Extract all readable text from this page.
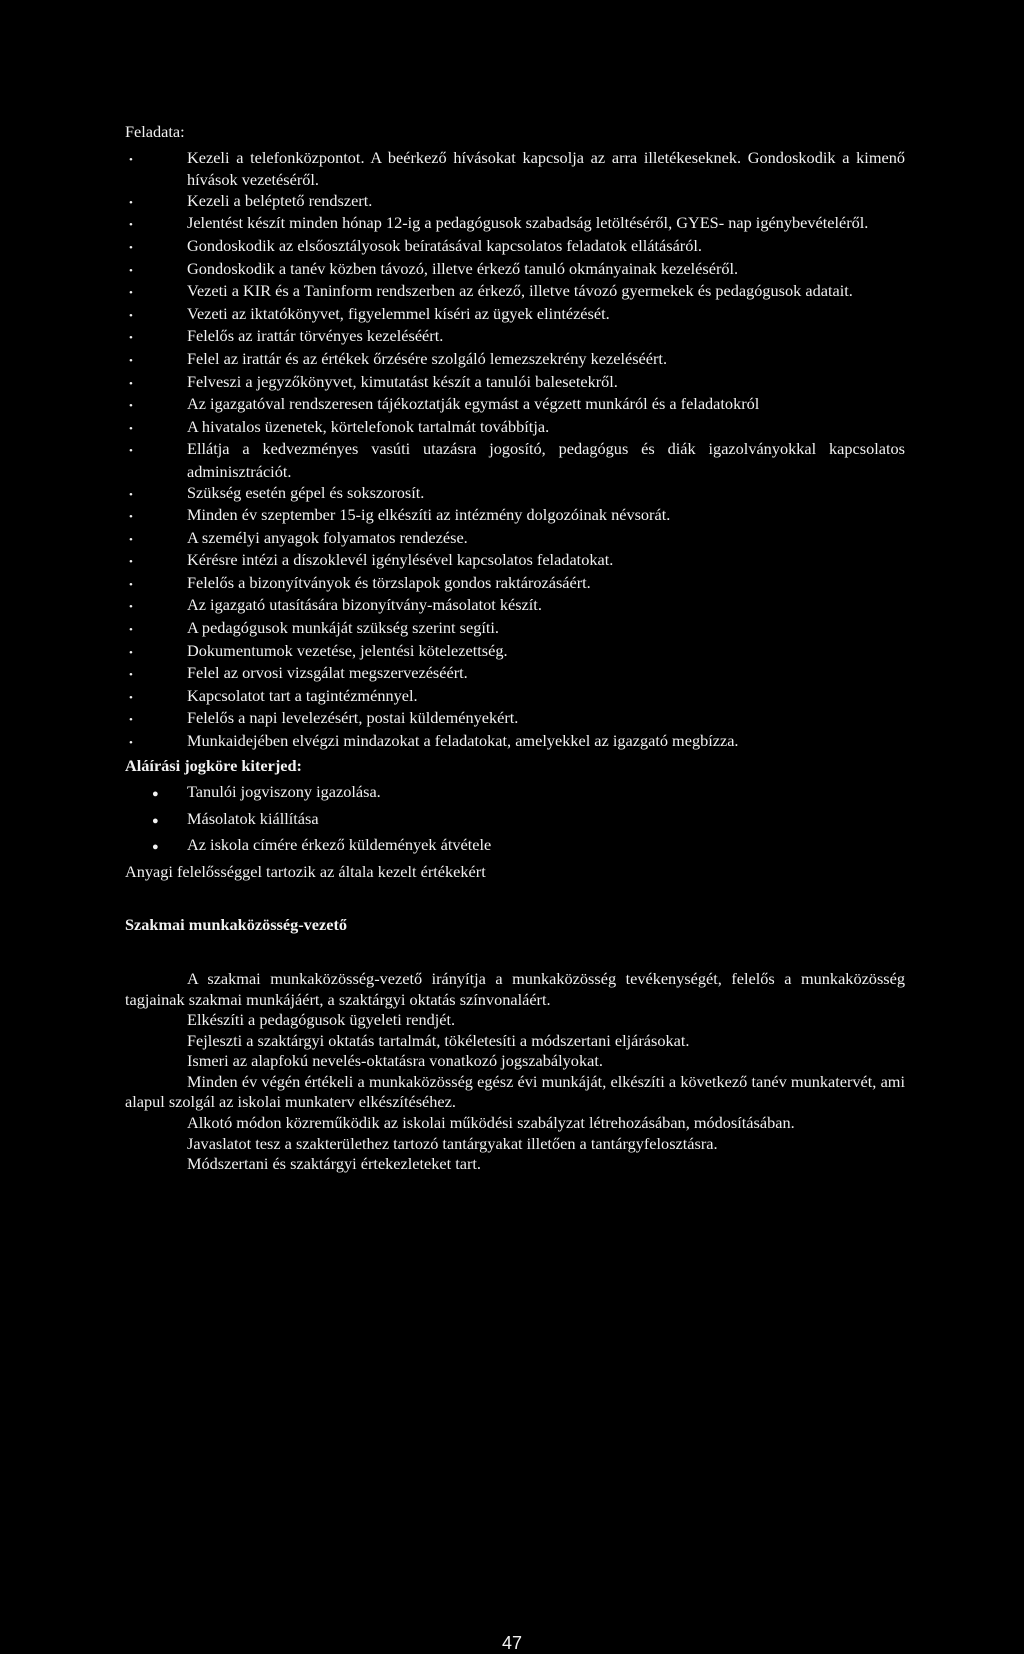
Feladata:
•	Kezeli a telefonközpontot. A beérkező hívásokat kapcsolja az arra illetékeseknek. Gondoskodik a kimenő hívások vezetéséről.
•	Kezeli a beléptető rendszert.
•	Jelentést készít minden hónap 12-ig a pedagógusok szabadság letöltéséről, GYES- nap igénybevételéről.
•	Gondoskodik az elsőosztályosok beíratásával kapcsolatos feladatok ellátásáról.
•	Gondoskodik a tanév közben távozó, illetve érkező tanuló okmányainak kezeléséről.
•	Vezeti a KIR és a Taninform rendszerben az érkező, illetve távozó gyermekek és pedagógusok adatait.
•	Vezeti az iktatókönyvet, figyelemmel kíséri az ügyek elintézését.
•	Felelős az irattár törvényes kezeléséért.
•	Felel az irattár és az értékek őrzésére szolgáló lemezszekrény kezeléséért.
•	Felveszi a jegyzőkönyvet, kimutatást készít a tanulói balesetekről.
•	Az igazgatóval rendszeresen tájékoztatják egymást a végzett munkáról és a feladatokról
•	A hivatalos üzenetek, körtelefonok tartalmát továbbítja.
•	Ellátja a kedvezményes vasúti utazásra jogosító, pedagógus és diák igazolványokkal kapcsolatos adminisztrációt.
•	Szükség esetén gépel és sokszorosít.
•	Minden év szeptember 15-ig elkészíti az intézmény dolgozóinak névsorát.
•	A személyi anyagok folyamatos rendezése.
•	Kérésre intézi a díszoklevél igénylésével kapcsolatos feladatokat.
•	Felelős a bizonyítványok és törzslapok gondos raktározásáért.
•	Az igazgató utasítására bizonyítvány-másolatot készít.
•	A pedagógusok munkáját szükség szerint segíti.
•	Dokumentumok vezetése, jelentési kötelezettség.
•	Felel az orvosi vizsgálat megszervezéséért.
•	Kapcsolatot tart a tagintézménnyel.
•	Felelős a napi levelezésért, postai küldeményekért.
•	Munkaidejében elvégzi mindazokat a feladatokat, amelyekkel az igazgató megbízza.
Aláírási jogköre kiterjed:
● Tanulói jogviszony igazolása.
● Másolatok kiállítása
● Az iskola címére érkező küldemények átvétele
Anyagi felelősséggel tartozik az általa kezelt értékekért
Szakmai munkaközösség-vezető

A szakmai munkaközösség-vezető irányítja a munkaközösség tevékenységét, felelős a munkaközösség tagjainak szakmai munkájáért, a szaktárgyi oktatás színvonaláért.

Elkészíti a pedagógusok ügyeleti rendjét.

Fejleszti a szaktárgyi oktatás tartalmát, tökéletesíti a módszertani eljárásokat.

Ismeri az alapfokú nevelés-oktatásra vonatkozó jogszabályokat.

Minden év végén értékeli a munkaközösség egész évi munkáját, elkészíti a következő tanév munkatervét, ami alapul szolgál az iskolai munkaterv elkészítéséhez.

Alkotó módon közreműködik az iskolai működési szabályzat létrehozásában, módosításában.

Javaslatot tesz a szakterülethez tartozó tantárgyakat illetően a tantárgyfelosztásra.

Módszertani és szaktárgyi értekezleteket tart.

47
